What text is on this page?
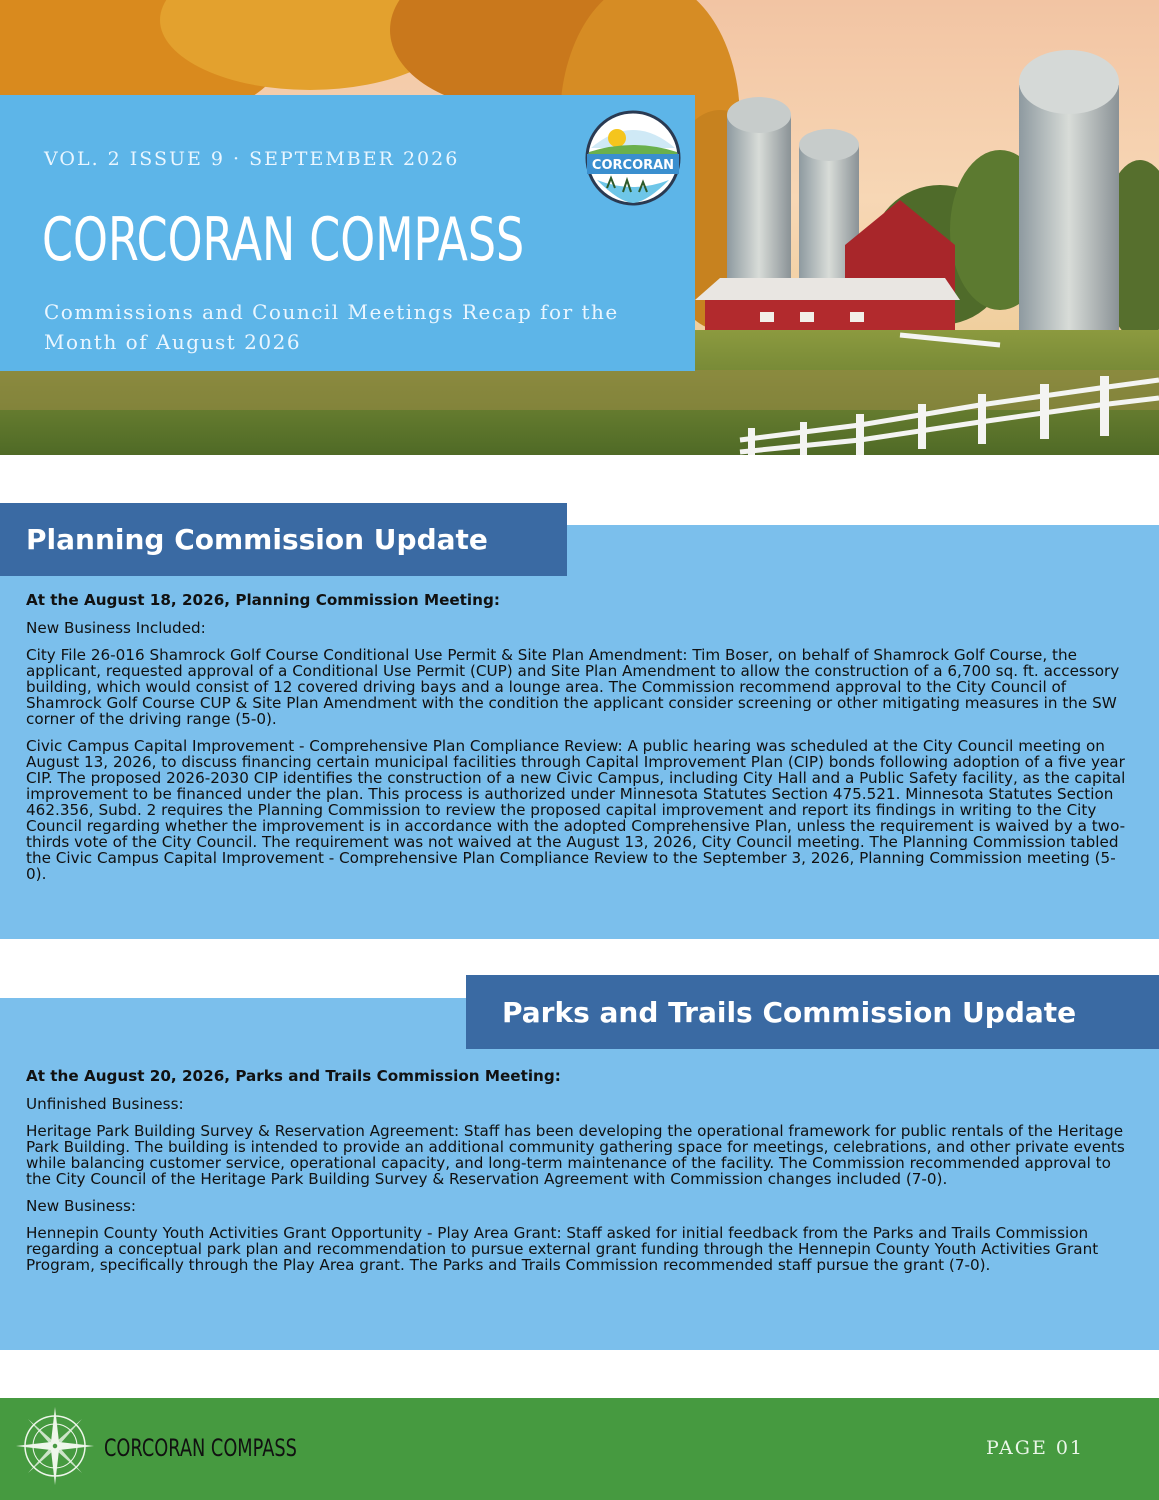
VOL. 2 ISSUE 9 · SEPTEMBER 2026
CORCORAN COMPASS
Commissions and Council Meetings Recap for the Month of August 2026
CORCORAN
Planning Commission Update

At the August 18, 2026, Planning Commission Meeting:

New Business Included:

City File 26-016 Shamrock Golf Course Conditional Use Permit & Site Plan Amendment: Tim Boser, on behalf of Shamrock Golf Course, the applicant, requested approval of a Conditional Use Permit (CUP) and Site Plan Amendment to allow the construction of a 6,700 sq. ft. accessory building, which would consist of 12 covered driving bays and a lounge area. The Commission recommend approval to the City Council of Shamrock Golf Course CUP & Site Plan Amendment with the condition the applicant consider screening or other mitigating measures in the SW corner of the driving range (5-0).

Civic Campus Capital Improvement - Comprehensive Plan Compliance Review: A public hearing was scheduled at the City Council meeting on August 13, 2026, to discuss financing certain municipal facilities through Capital Improvement Plan (CIP) bonds following adoption of a five year CIP. The proposed 2026-2030 CIP identifies the construction of a new Civic Campus, including City Hall and a Public Safety facility, as the capital improvement to be financed under the plan. This process is authorized under Minnesota Statutes Section 475.521. Minnesota Statutes Section 462.356, Subd. 2 requires the Planning Commission to review the proposed capital improvement and report its findings in writing to the City Council regarding whether the improvement is in accordance with the adopted Comprehensive Plan, unless the requirement is waived by a two-thirds vote of the City Council. The requirement was not waived at the August 13, 2026, City Council meeting. The Planning Commission tabled the Civic Campus Capital Improvement - Comprehensive Plan Compliance Review to the September 3, 2026, Planning Commission meeting (5-0).

Parks and Trails Commission Update

At the August 20, 2026, Parks and Trails Commission Meeting:

Unfinished Business:

Heritage Park Building Survey & Reservation Agreement: Staff has been developing the operational framework for public rentals of the Heritage Park Building. The building is intended to provide an additional community gathering space for meetings, celebrations, and other private events while balancing customer service, operational capacity, and long-term maintenance of the facility. The Commission recommended approval to the City Council of the Heritage Park Building Survey & Reservation Agreement with Commission changes included (7-0).

New Business:

Hennepin County Youth Activities Grant Opportunity - Play Area Grant: Staff asked for initial feedback from the Parks and Trails Commission regarding a conceptual park plan and recommendation to pursue external grant funding through the Hennepin County Youth Activities Grant Program, specifically through the Play Area grant. The Parks and Trails Commission recommended staff pursue the grant (7-0).

CORCORAN COMPASS	PAGE 01
